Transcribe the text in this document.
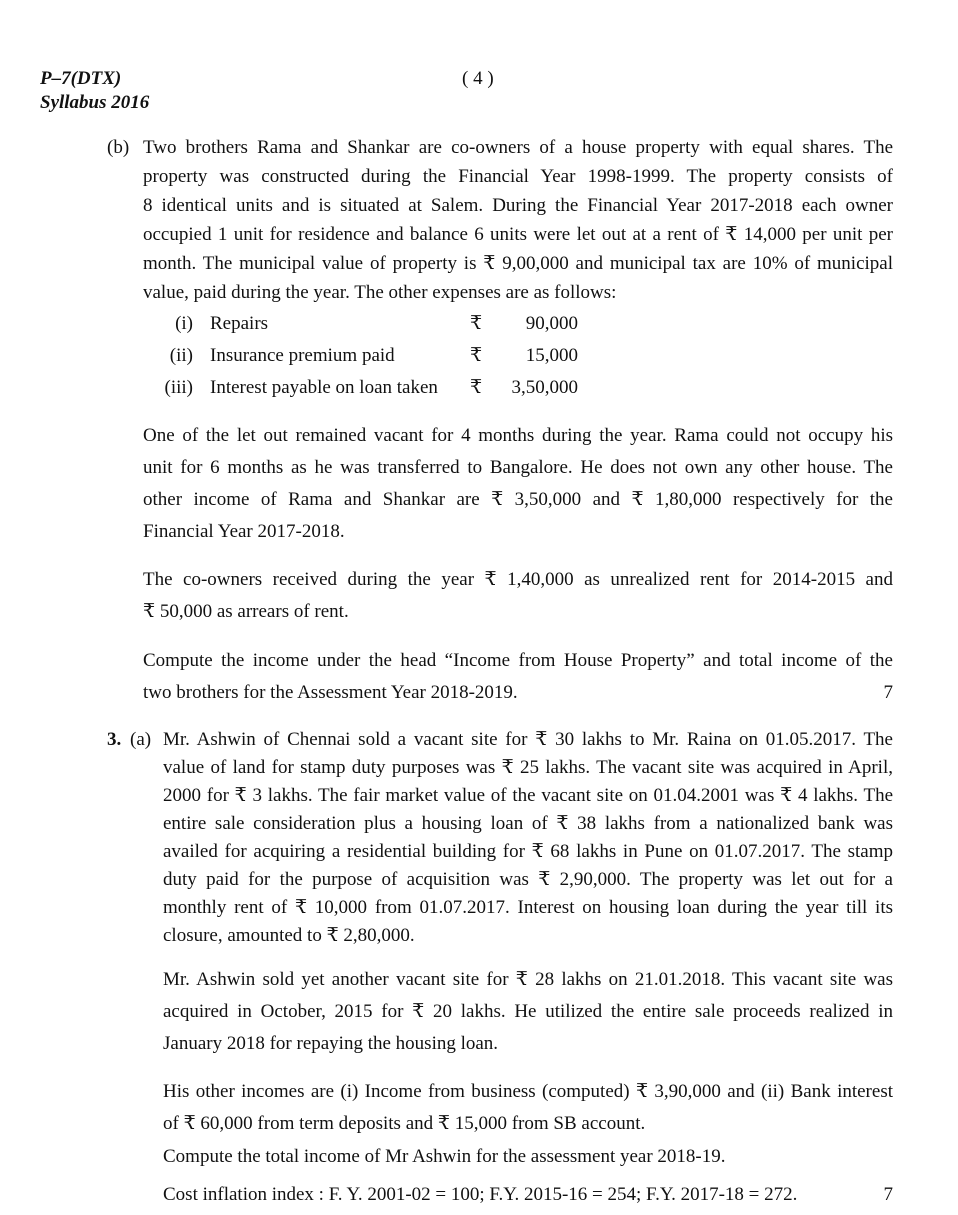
P–7(DTX)
Syllabus 2016
( 4 )
(b) Two brothers Rama and Shankar are co-owners of a house property with equal shares. The
property was constructed during the Financial Year 1998-1999. The property consists of
8 identical units and is situated at Salem. During the Financial Year 2017-2018 each owner
occupied 1 unit for residence and balance 6 units were let out at a rent of ₹ 14,000 per unit per
month. The municipal value of property is ₹ 9,00,000 and municipal tax are 10% of municipal
value, paid during the year. The other expenses are as follows:
(i) Repairs	₹ 90,000
(ii) Insurance premium paid	₹ 15,000
(iii) Interest payable on loan taken ₹ 3,50,000
One of the let out remained vacant for 4 months during the year. Rama could not occupy his
unit for 6 months as he was transferred to Bangalore. He does not own any other house. The
other income of Rama and Shankar are ₹ 3,50,000 and ₹ 1,80,000 respectively for the
Financial Year 2017-2018.
The co-owners received during the year ₹ 1,40,000 as unrealized rent for 2014-2015 and
₹ 50,000 as arrears of rent.
Compute the income under the head “Income from House Property” and total income of the
two brothers for the Assessment Year 2018-2019.	7
3. (a) Mr. Ashwin of Chennai sold a vacant site for ₹ 30 lakhs to Mr. Raina on 01.05.2017. The
value of land for stamp duty purposes was ₹ 25 lakhs. The vacant site was acquired in April,
2000 for ₹ 3 lakhs. The fair market value of the vacant site on 01.04.2001 was ₹ 4 lakhs. The
entire sale consideration plus a housing loan of ₹ 38 lakhs from a nationalized bank was
availed for acquiring a residential building for ₹ 68 lakhs in Pune on 01.07.2017. The stamp
duty paid for the purpose of acquisition was ₹ 2,90,000. The property was let out for a
monthly rent of ₹ 10,000 from 01.07.2017. Interest on housing loan during the year till its
closure, amounted to ₹ 2,80,000.
Mr. Ashwin sold yet another vacant site for ₹ 28 lakhs on 21.01.2018. This vacant site was
acquired in October, 2015 for ₹ 20 lakhs. He utilized the entire sale proceeds realized in
January 2018 for repaying the housing loan.
His other incomes are (i) Income from business (computed) ₹ 3,90,000 and (ii) Bank interest
of ₹ 60,000 from term deposits and ₹ 15,000 from SB account.
Compute the total income of Mr Ashwin for the assessment year 2018-19.
Cost inflation index : F. Y. 2001-02 = 100; F.Y. 2015-16 = 254; F.Y. 2017-18 = 272.	7
